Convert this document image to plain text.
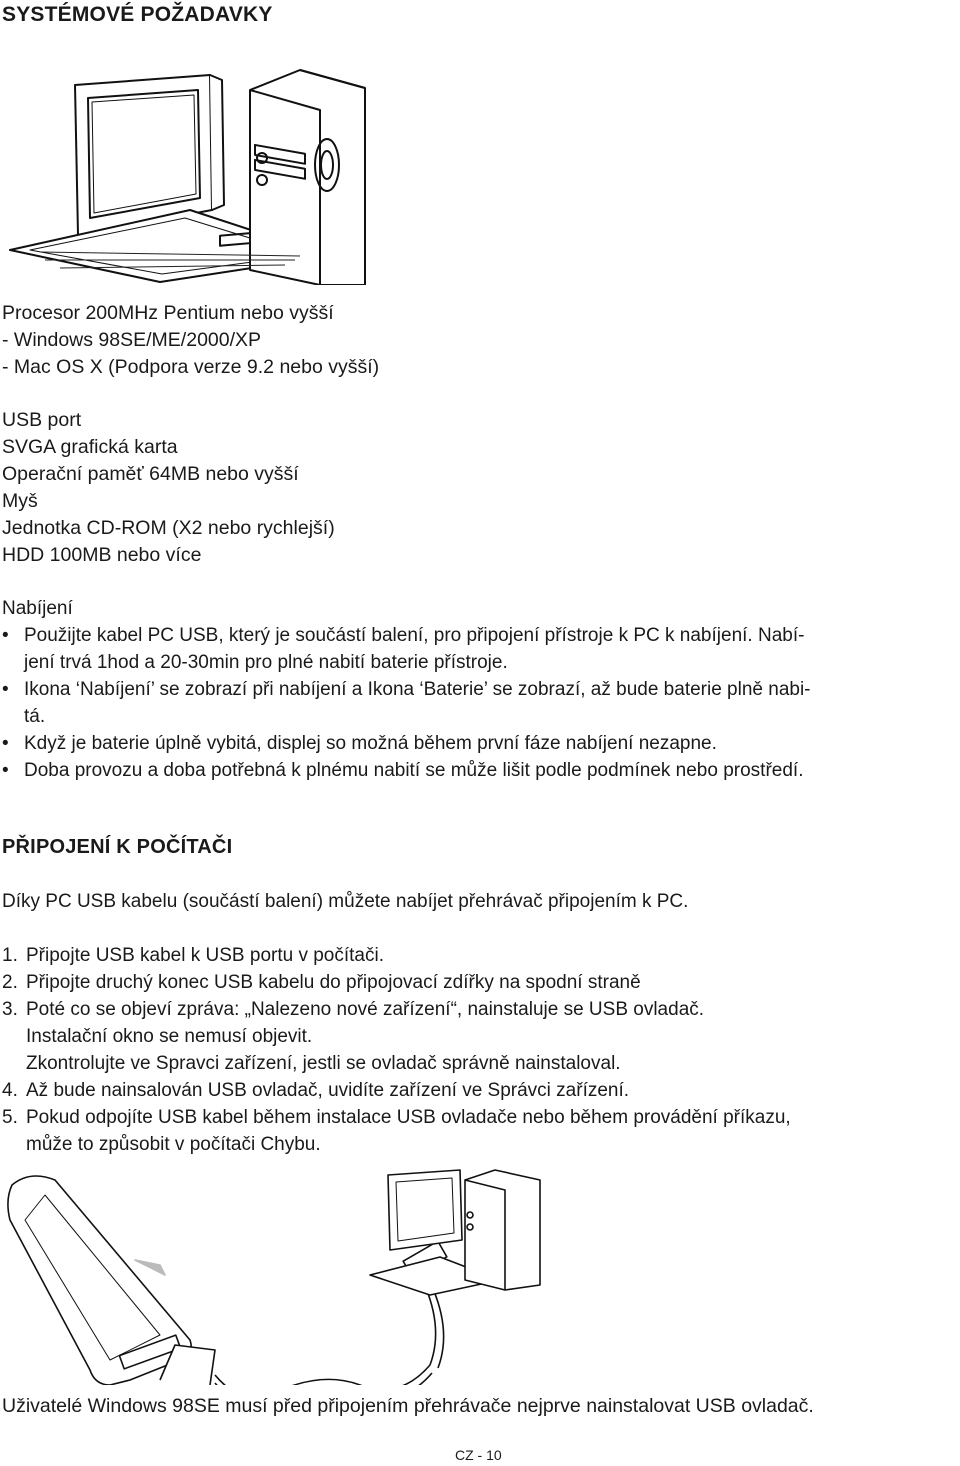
SYSTÉMOVÉ POŽADAVKY
Procesor 200MHz Pentium nebo vyšší
- Windows 98SE/ME/2000/XP
- Mac OS X (Podpora verze 9.2 nebo vyšší)
USB port
SVGA grafická karta
Operační paměť 64MB nebo vyšší
Myš
Jednotka CD-ROM (X2 nebo rychlejší)
HDD 100MB nebo více
Nabíjení
• Použijte kabel PC USB, který je součástí balení, pro připojení přístroje k PC k nabíjení. Nabí-
jení trvá 1hod a 20-30min pro plné nabití baterie přístroje.
• Ikona ‘Nabíjení’ se zobrazí při nabíjení a Ikona ‘Baterie’ se zobrazí, až bude baterie plně nabi-
tá.
• Když je baterie úplně vybitá, displej so možná během první fáze nabíjení nezapne.
• Doba provozu a doba potřebná k plnému nabití se může lišit podle podmínek nebo prostředí.
PŘIPOJENÍ K POČÍTAČI
Díky PC USB kabelu (součástí balení) můžete nabíjet přehrávač připojením k PC.
1. Připojte USB kabel k USB portu v počítači.
2. Připojte druchý konec USB kabelu do připojovací zdířky na spodní straně
3. Poté co se objeví zpráva: „Nalezeno nové zařízení“, nainstaluje se USB ovladač.
Instalační okno se nemusí objevit.
Zkontrolujte ve Spravci zařízení, jestli se ovladač správně nainstaloval.
4. Až bude nainsalován USB ovladač, uvidíte zařízení ve Správci zařízení.
5. Pokud odpojíte USB kabel během instalace USB ovladače nebo během provádění příkazu,
může to způsobit v počítači Chybu.
Uživatelé Windows 98SE musí před připojením přehrávače nejprve nainstalovat USB ovladač.
CZ - 10
